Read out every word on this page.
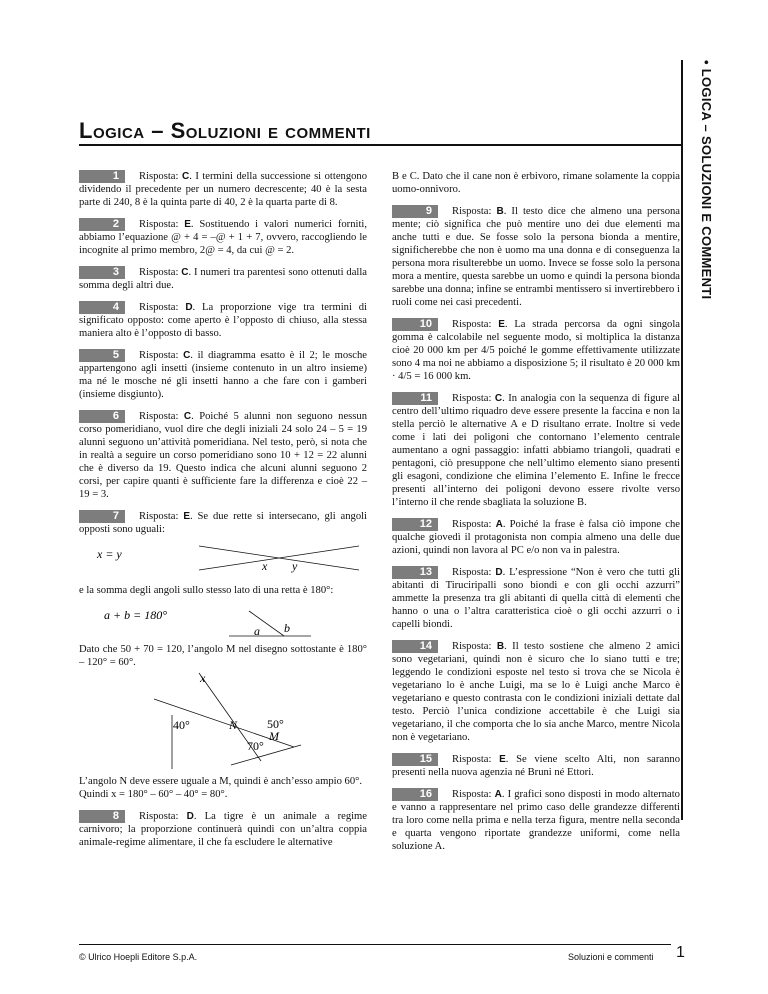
Logica – Soluzioni e commenti	• LOGICA – SOLUZIONI E COMMENTI
1 Risposta: C. I termini della successione si ottengono dividendo il precedente per un numero decrescente; 40 è la sesta parte di 240, 8 è la quinta parte di 40, 2 è la quarta parte di 8.
2 Risposta: E. Sostituendo i valori numerici forniti, abbiamo l’equazione @ + 4 = –@ + 1 + 7, ovvero, raccogliendo le incognite al primo membro, 2@ = 4, da cui @ = 2.
3 Risposta: C. I numeri tra parentesi sono ottenuti dalla somma degli altri due.
4 Risposta: D. La proporzione vige tra termini di significato opposto: come aperto è l’opposto di chiuso, alla stessa maniera alto è l’opposto di basso.
5 Risposta: C. il diagramma esatto è il 2; le mosche appartengono agli insetti (insieme contenuto in un altro insieme) ma né le mosche né gli insetti hanno a che fare con i gamberi (insieme disgiunto).
6 Risposta: C. Poiché 5 alunni non seguono nessun corso pomeridiano, vuol dire che degli iniziali 24 solo 24 – 5 = 19 alunni seguono un’attività pomeridiana. Nel testo, però, si nota che in realtà a seguire un corso pomeridiano sono 10 + 12 = 22 alunni che è diverso da 19. Questo indica che alcuni alunni seguono 2 corsi, per capire quanti è sufficiente fare la differenza e cioè 22 – 19 = 3.
7 Risposta: E. Se due rette si intersecano, gli angoli opposti sono uguali:
x = y
x y
e la somma degli angoli sullo stesso lato di una retta è 180°:
a + b = 180°
a b
Dato che 50 + 70 = 120, l’angolo M nel disegno sottostante è 180° – 120° = 60°.
x
40°	N 50°
M
70°
L’angolo N deve essere uguale a M, quindi è anch’esso ampio 60°.
Quindi x = 180° – 60° – 40° = 80°.
8 Risposta: D. La tigre è un animale a regime carnivoro; la proporzione continuerà quindi con un’altra coppia animale-regime alimentare, il che fa escludere le alternative
B e C. Dato che il cane non è erbivoro, rimane solamente la coppia uomo-onnivoro.
9 Risposta: B. Il testo dice che almeno una persona mente; ciò significa che può mentire uno dei due elementi ma anche tutti e due. Se fosse solo la persona bionda a mentire, significherebbe che non è uomo ma una donna e di conseguenza la persona mora risulterebbe un uomo. Invece se fosse solo la persona mora a mentire, questa sarebbe un uomo e quindi la persona bionda sarebbe una donna; infine se entrambi mentissero si invertirebbero i ruoli come nei casi precedenti.
10 Risposta: E. La strada percorsa da ogni singola gomma è calcolabile nel seguente modo, si moltiplica la distanza cioè 20 000 km per 4/5 poiché le gomme effettivamente utilizzate sono 4 ma noi ne abbiamo a disposizione 5; il risultato è 20 000 km · 4/5 = 16 000 km.
11 Risposta: C. In analogia con la sequenza di figure al centro dell’ultimo riquadro deve essere presente la faccina e non la stella perciò le alternative A e D risultano errate. Inoltre si vede come i lati dei poligoni che contornano l’elemento centrale aumentano a ogni passaggio: infatti abbiamo triangoli, quadrati e pentagoni, ciò presuppone che nell’ultimo elemento siano presenti gli esagoni, condizione che elimina l’elemento E. Infine le frecce presenti all’interno dei poligoni devono essere rivolte verso l’interno il che rende sbagliata la soluzione B.
12 Risposta: A. Poiché la frase è falsa ciò impone che qualche giovedì il protagonista non compia almeno una delle due azioni, quindi non lavora al PC e/o non va in palestra.
13 Risposta: D. L’espressione “Non è vero che tutti gli abitanti di Tiruciripalli sono biondi e con gli occhi azzurri” ammette la presenza tra gli abitanti di quella città di elementi che hanno o una o l’altra caratteristica cioè o gli occhi azzurri o i capelli biondi.
14 Risposta: B. Il testo sostiene che almeno 2 amici sono vegetariani, quindi non è sicuro che lo siano tutti e tre; leggendo le condizioni esposte nel testo si trova che se Nicola è vegetariano lo è anche Luigi, ma se lo è Luigi anche Marco è vegetariano e questo contrasta con le condizioni iniziali dettate dal testo. Perciò l’unica condizione accettabile è che Luigi sia vegetariano, il che comporta che lo sia anche Marco, mentre Nicola non è vegetariano.
15 Risposta: E. Se viene scelto Alti, non saranno presenti nella nuova agenzia né Bruni né Ettori.
16 Risposta: A. I grafici sono disposti in modo alternato e vanno a rappresentare nel primo caso delle grandezze differenti tra loro come nella prima e nella terza figura, mentre nella seconda e quarta vengono riportate grandezze uniformi, come nella soluzione A.
© Ulrico Hoepli Editore S.p.A.	Soluzioni e commenti 1
